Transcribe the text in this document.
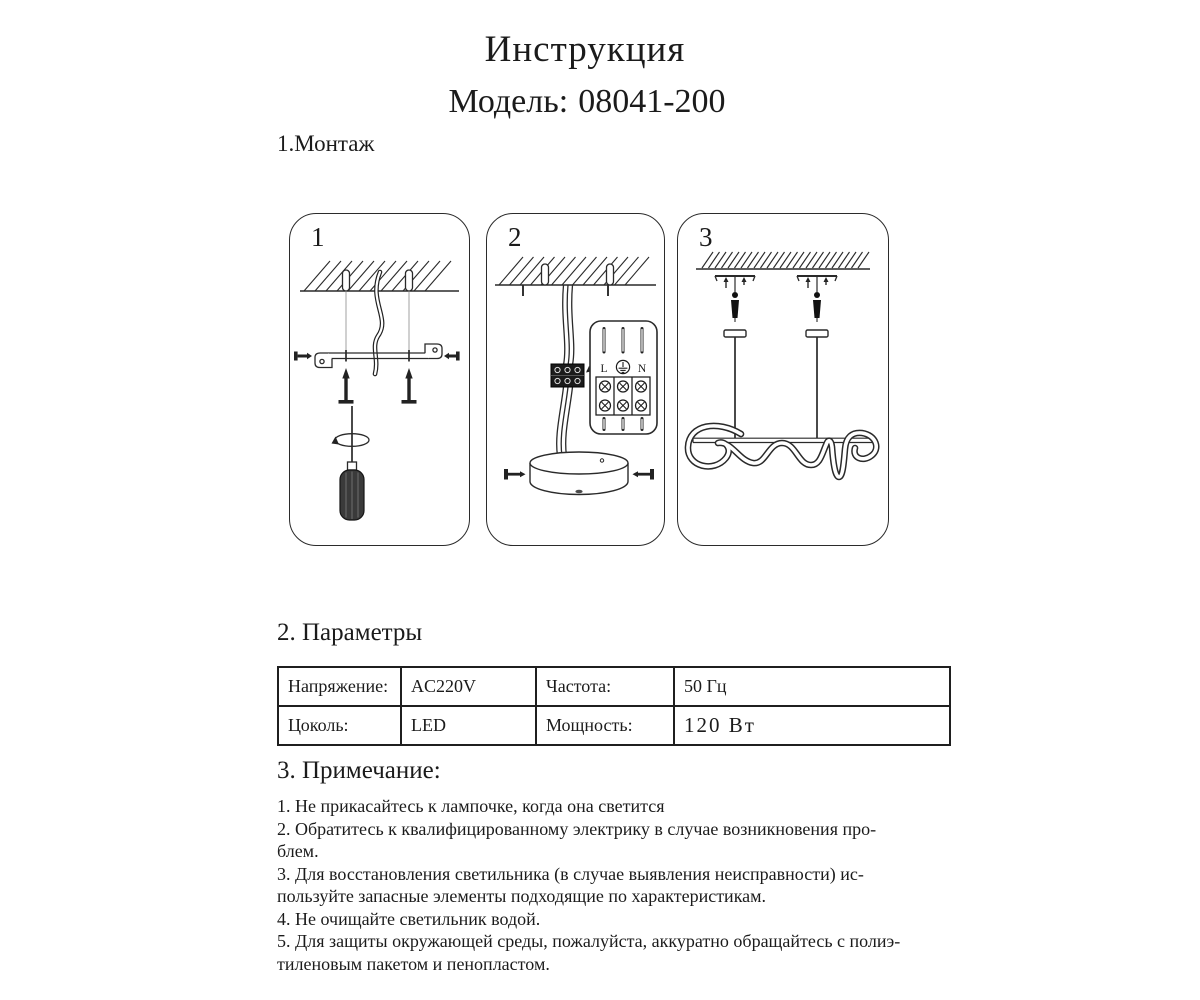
Инструкция
Модель: 08041-200
1.Монтаж
1
L	N
2	3
2. Параметры
Напряжение:	AC220V	Частота:	50 Гц
Цоколь:	LED	Мощность:	120 Вт
3. Примечание:
1. Не прикасайтесь к лампочке, когда она светится
2. Обратитесь к квалифицированному электрику в случае возникновения про-
блем.
3. Для восстановления светильника (в случае выявления неисправности) ис-
пользуйте запасные элементы подходящие по характеристикам.
4. Не очищайте светильник водой.
5. Для защиты окружающей среды, пожалуйста, аккуратно обращайтесь с полиэ-
тиленовым пакетом и пенопластом.
